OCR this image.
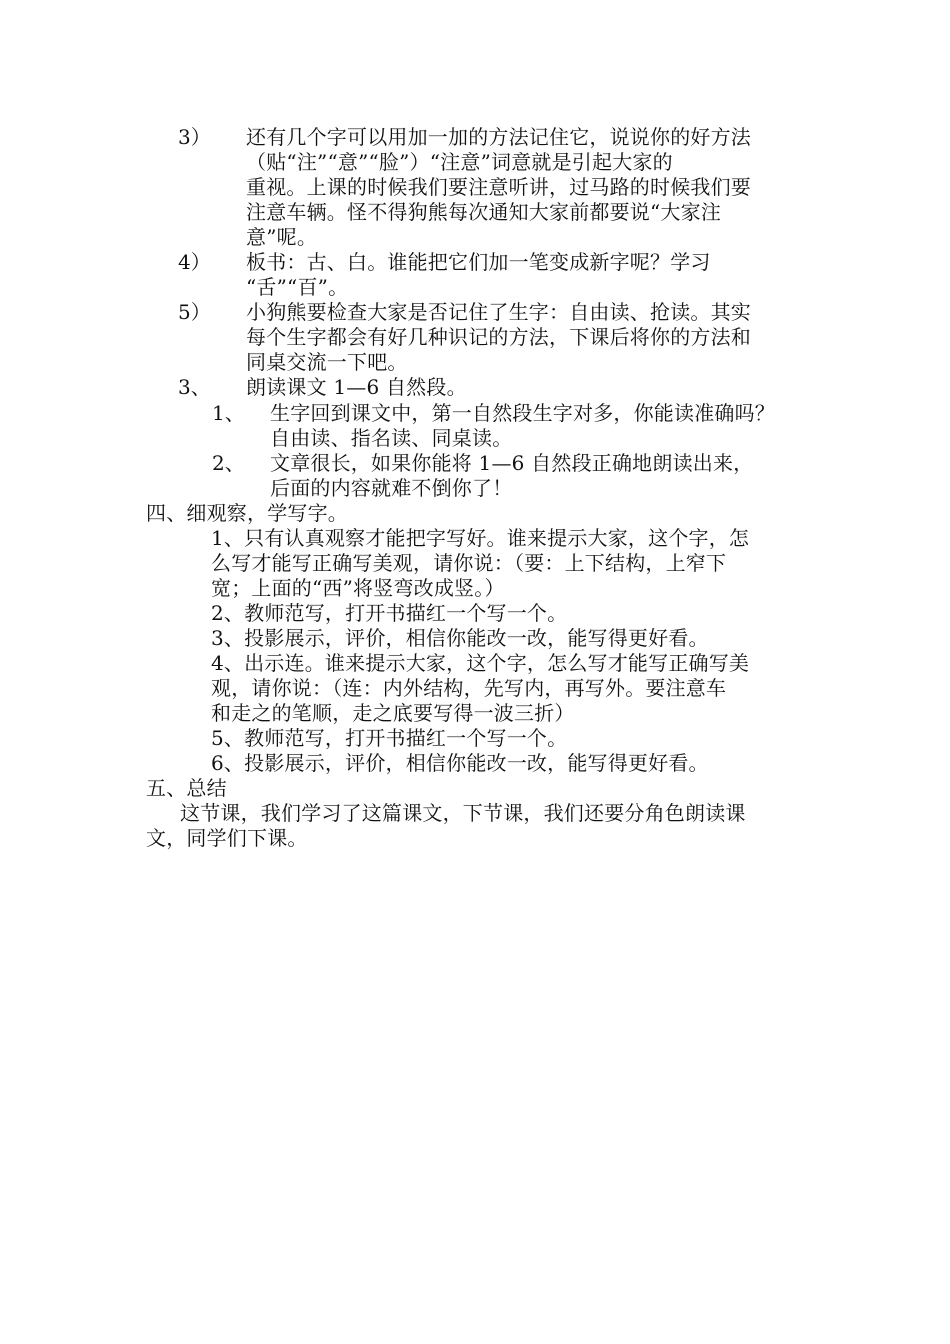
3） 还有几个字可以用加一加的方法记住它，说说你的好方法
（贴“注”“意”“脸”）“注意”词意就是引起大家的
重视。上课的时候我们要注意听讲，过马路的时候我们要
注意车辆。怪不得狗熊每次通知大家前都要说“大家注
意”呢。
4） 板书：古、白。谁能把它们加一笔变成新字呢？学习
“舌”“百”。
5） 小狗熊要检查大家是否记住了生字：自由读、抢读。其实
每个生字都会有好几种识记的方法，下课后将你的方法和
同桌交流一下吧。
3、 朗读课文 1—6 自然段。
1、 生字回到课文中，第一自然段生字对多，你能读准确吗？
自由读、指名读、同桌读。
2、 文章很长，如果你能将 1—6 自然段正确地朗读出来，
后面的内容就难不倒你了！
四、细观察，学写字。
1、只有认真观察才能把字写好。谁来提示大家，这个字，怎
么写才能写正确写美观，请你说：（要：上下结构，上窄下
宽；上面的“西”将竖弯改成竖。）
2、教师范写，打开书描红一个写一个。
3、投影展示，评价，相信你能改一改，能写得更好看。
4、出示连。谁来提示大家，这个字，怎么写才能写正确写美
观，请你说：（连：内外结构，先写内，再写外。要注意车
和走之的笔顺，走之底要写得一波三折）
5、教师范写，打开书描红一个写一个。
6、投影展示，评价，相信你能改一改，能写得更好看。
五、总结
这节课，我们学习了这篇课文，下节课，我们还要分角色朗读课
文，同学们下课。
